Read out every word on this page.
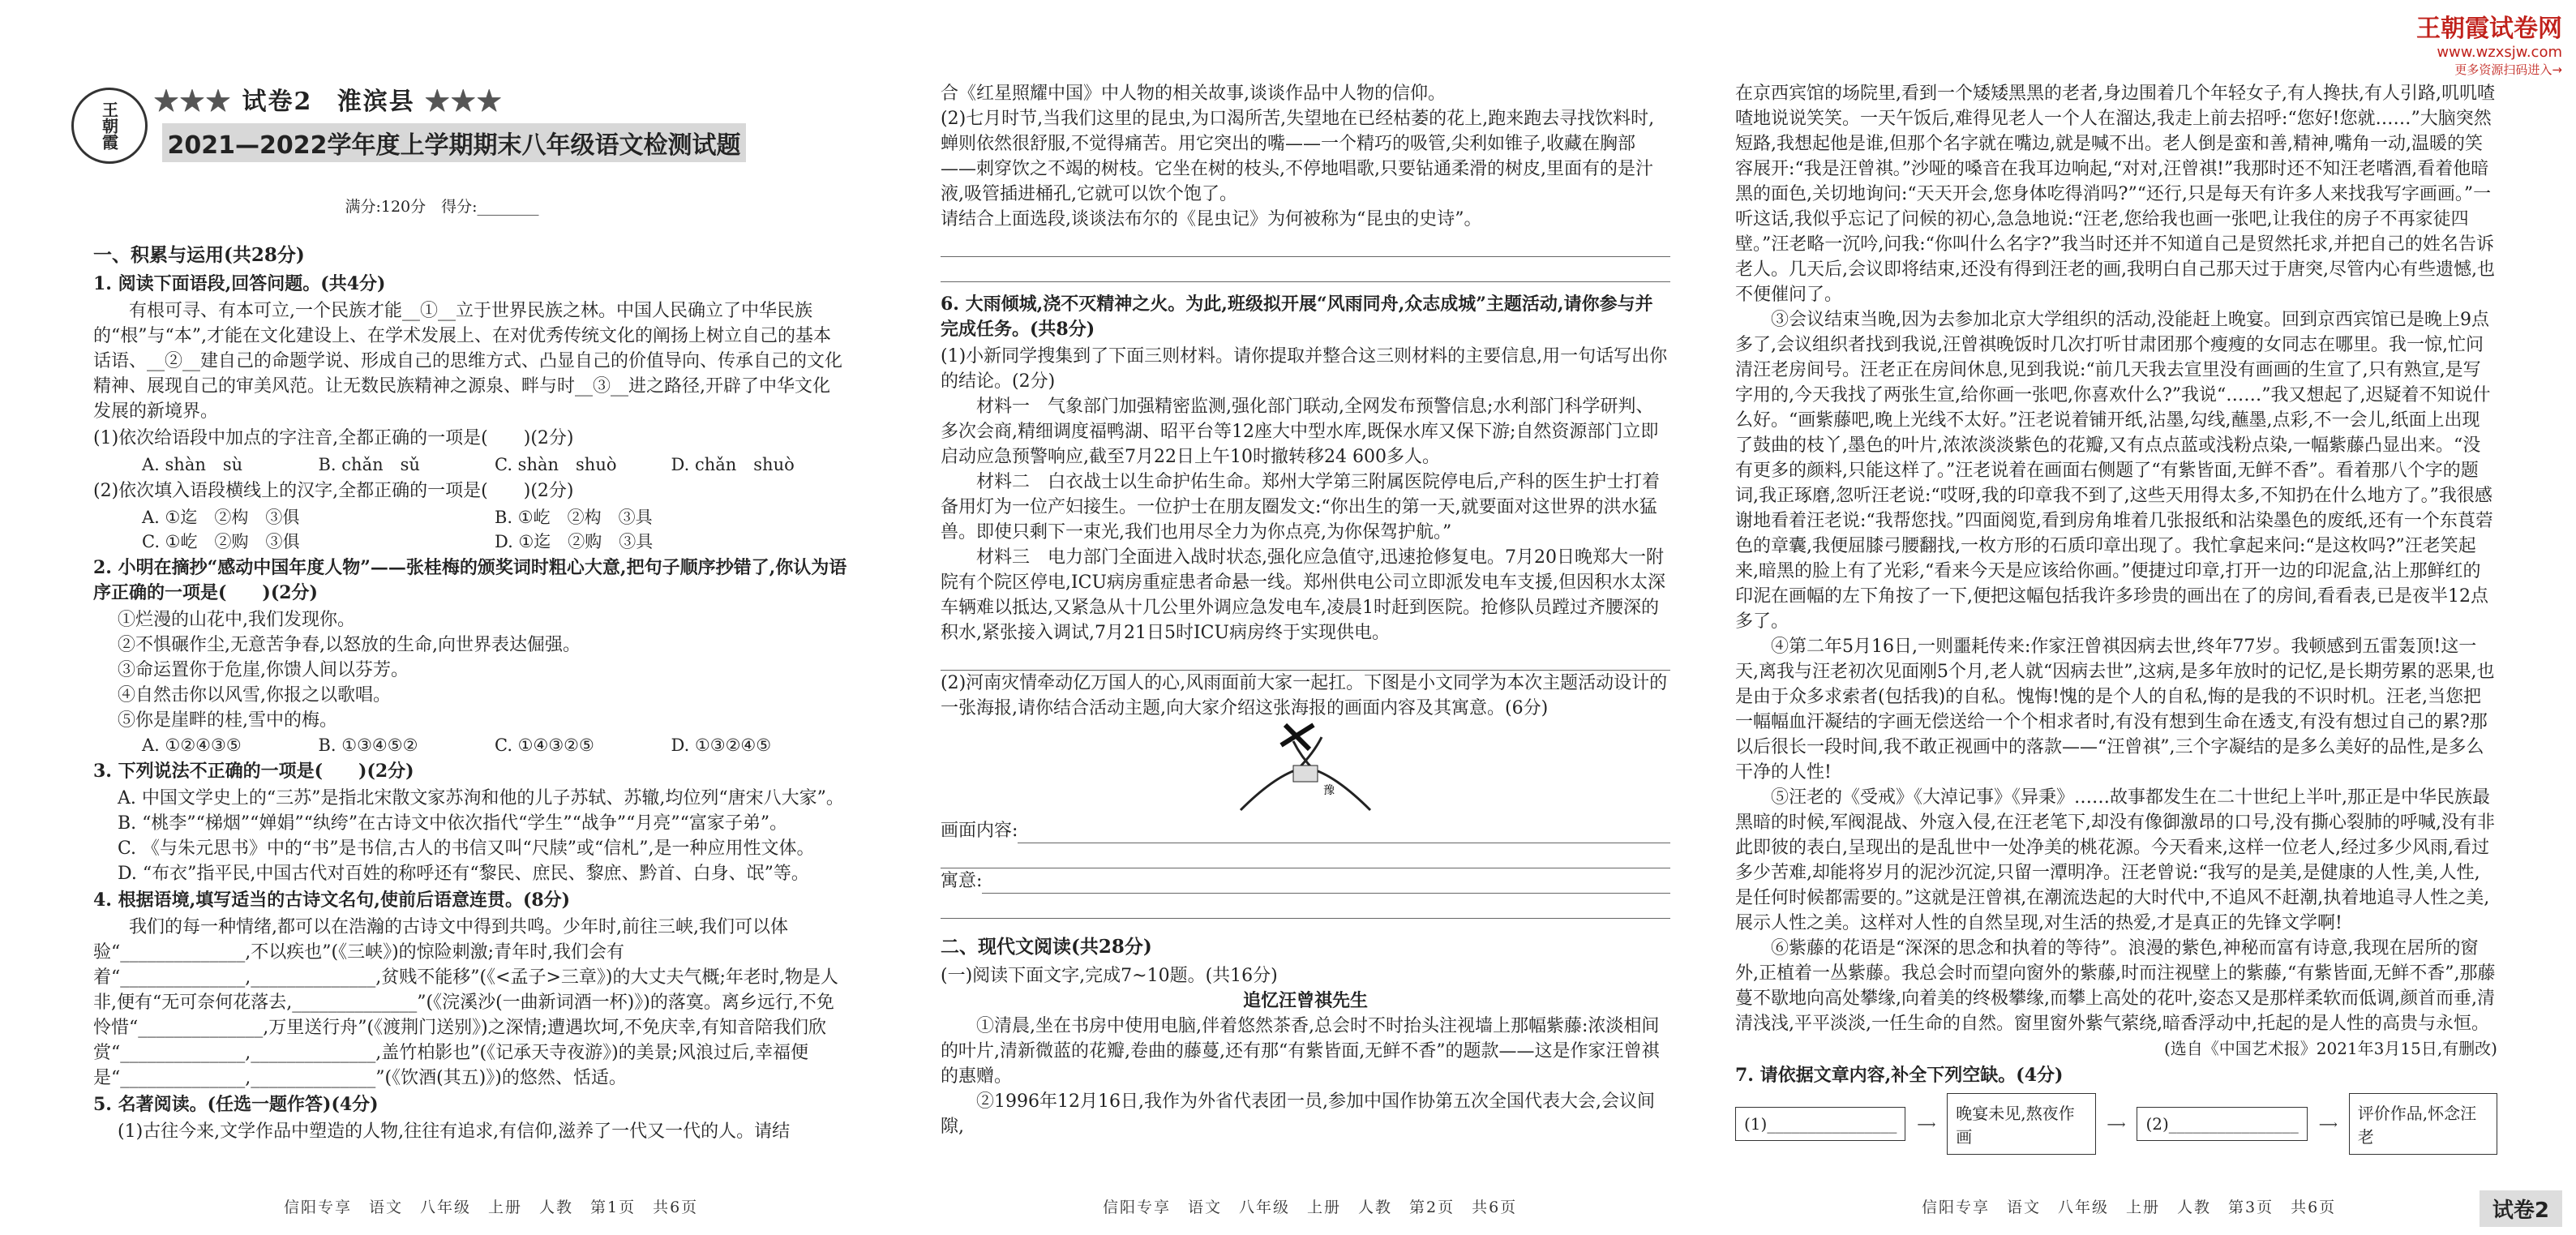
王朝霞 ★★★ 试卷2 淮滨县 ★★★
2021—2022学年度上学期期末八年级语文检测试题
满分:120分　得分:________

一、积累与运用(共28分)

1. 阅读下面语段,回答问题。(共4分)

有根可寻、有本可立,一个民族才能__①__立于世界民族之林。中国人民确立了中华民族的“根”与“本”,才能在文化建设上、在学术发展上、在对优秀传统文化的阐扬上树立自己的基本话语、__②__建自己的命题学说、形成自己的思维方式、凸显自己的价值导向、传承自己的文化精神、展现自己的审美风范。让无数民族精神之源泉、畔与时__③__进之路径,开辟了中华文化发展的新境界。

(1)依次给语段中加点的字注音,全都正确的一项是(　　)(2分)

A. shàn　sù	B. chǎn　sǔ	C. shàn　shuò	D. chǎn　shuò

(2)依次填入语段横线上的汉字,全都正确的一项是(　　)(2分)

A. ①迄　②构　③俱	B. ①屹　②构　③具
C. ①屹　②购　③俱	D. ①迄　②购　③具

2. 小明在摘抄“感动中国年度人物”——张桂梅的颁奖词时粗心大意,把句子顺序抄错了,你认为语序正确的一项是(　　)(2分)

①烂漫的山花中,我们发现你。

②不惧碾作尘,无意苦争春,以怒放的生命,向世界表达倔强。

③命运置你于危崖,你馈人间以芬芳。

④自然击你以风雪,你报之以歌唱。

⑤你是崖畔的桂,雪中的梅。

A. ①②④③⑤	B. ①③④⑤②	C. ①④③②⑤	D. ①③②④⑤

3. 下列说法不正确的一项是(　　)(2分)

A. 中国文学史上的“三苏”是指北宋散文家苏洵和他的儿子苏轼、苏辙,均位列“唐宋八大家”。

B. “桃李”“梯烟”“婵娟”“纨绔”在古诗文中依次指代“学生”“战争”“月亮”“富家子弟”。

C. 《与朱元思书》中的“书”是书信,古人的书信又叫“尺牍”或“信札”,是一种应用性文体。

D. “布衣”指平民,中国古代对百姓的称呼还有“黎民、庶民、黎庶、黔首、白身、氓”等。

4. 根据语境,填写适当的古诗文名句,使前后语意连贯。(8分)

我们的每一种情绪,都可以在浩瀚的古诗文中得到共鸣。少年时,前往三峡,我们可以体验“______________,不以疾也”(《三峡》)的惊险刺激;青年时,我们会有着“______________,______________,贫贱不能移”(《<孟子>三章》)的大丈夫气概;年老时,物是人非,便有“无可奈何花落去,______________”(《浣溪沙(一曲新词酒一杯)》)的落寞。离乡远行,不免怜惜“______________,万里送行舟”(《渡荆门送别》)之深情;遭遇坎坷,不免庆幸,有知音陪我们欣赏“______________,______________,盖竹柏影也”(《记承天寺夜游》)的美景;风浪过后,幸福便是“______________,______________”(《饮酒(其五)》)的悠然、恬适。

5. 名著阅读。(任选一题作答)(4分)

(1)古往今来,文学作品中塑造的人物,往往有追求,有信仰,滋养了一代又一代的人。请结

信阳专享　语文　八年级　上册　人教　第1页　共6页

合《红星照耀中国》中人物的相关故事,谈谈作品中人物的信仰。

(2)七月时节,当我们这里的昆虫,为口渴所苦,失望地在已经枯萎的花上,跑来跑去寻找饮料时,蝉则依然很舒服,不觉得痛苦。用它突出的嘴——一个精巧的吸管,尖利如锥子,收藏在胸部——刺穿饮之不竭的树枝。它坐在树的枝头,不停地唱歌,只要钻通柔滑的树皮,里面有的是汁液,吸管插进桶孔,它就可以饮个饱了。

请结合上面选段,谈谈法布尔的《昆虫记》为何被称为“昆虫的史诗”。

6. 大雨倾城,浇不灭精神之火。为此,班级拟开展“风雨同舟,众志成城”主题活动,请你参与并完成任务。(共8分)

(1)小新同学搜集到了下面三则材料。请你提取并整合这三则材料的主要信息,用一句话写出你的结论。(2分)

材料一　气象部门加强精密监测,强化部门联动,全网发布预警信息;水利部门科学研判、多次会商,精细调度福鸭湖、昭平台等12座大中型水库,既保水库又保下游;自然资源部门立即启动应急预警响应,截至7月22日上午10时撤转移24 600多人。

材料二　白衣战士以生命护佑生命。郑州大学第三附属医院停电后,产科的医生护士打着备用灯为一位产妇接生。一位护士在朋友圈发文:“你出生的第一天,就要面对这世界的洪水猛兽。即使只剩下一束光,我们也用尽全力为你点亮,为你保驾护航。”

材料三　电力部门全面进入战时状态,强化应急值守,迅速抢修复电。7月20日晚郑大一附院有个院区停电,ICU病房重症患者命悬一线。郑州供电公司立即派发电车支援,但因积水太深车辆难以抵达,又紧急从十几公里外调应急发电车,凌晨1时赶到医院。抢修队员蹚过齐腰深的积水,紧张接入调试,7月21日5时ICU病房终于实现供电。

(2)河南灾情牵动亿万国人的心,风雨面前大家一起扛。下图是小文同学为本次主题活动设计的一张海报,请你结合活动主题,向大家介绍这张海报的画面内容及其寓意。(6分)

豫
画面内容:
寓意:

二、现代文阅读(共28分)

(一)阅读下面文字,完成7~10题。(共16分)

追忆汪曾祺先生

①清晨,坐在书房中使用电脑,伴着悠然茶香,总会时不时抬头注视墙上那幅紫藤:浓淡相间的叶片,清新微蓝的花瓣,卷曲的藤蔓,还有那“有紫皆面,无鲜不香”的题款——这是作家汪曾祺的惠赠。

②1996年12月16日,我作为外省代表团一员,参加中国作协第五次全国代表大会,会议间隙,

信阳专享　语文　八年级　上册　人教　第2页　共6页
王朝霞试卷网
www.wzxsjw.com
更多资源扫码进入→

在京西宾馆的场院里,看到一个矮矮黑黑的老者,身边围着几个年轻女子,有人搀扶,有人引路,叽叽喳喳地说说笑笑。一天午饭后,难得见老人一个人在溜达,我走上前去招呼:“您好!您就……”大脑突然短路,我想起他是谁,但那个名字就在嘴边,就是喊不出。老人倒是蛮和善,精神,嘴角一动,温暖的笑容展开:“我是汪曾祺。”沙哑的嗓音在我耳边响起,“对对,汪曾祺!”我那时还不知汪老嗜酒,看着他暗黑的面色,关切地询问:“天天开会,您身体吃得消吗?”“还行,只是每天有许多人来找我写字画画。”一听这话,我似乎忘记了问候的初心,急急地说:“汪老,您给我也画一张吧,让我住的房子不再家徒四壁。”汪老略一沉吟,问我:“你叫什么名字?”我当时还并不知道自己是贸然托求,并把自己的姓名告诉老人。几天后,会议即将结束,还没有得到汪老的画,我明白自己那天过于唐突,尽管内心有些遗憾,也不便催问了。

③会议结束当晚,因为去参加北京大学组织的活动,没能赶上晚宴。回到京西宾馆已是晚上9点多了,会议组织者找到我说,汪曾祺晚饭时几次打听甘肃团那个瘦瘦的女同志在哪里。我一惊,忙问清汪老房间号。汪老正在房间休息,见到我说:“前几天我去宣里没有画画的生宣了,只有熟宣,是写字用的,今天我找了两张生宣,给你画一张吧,你喜欢什么?”我说“……”我又想起了,迟疑着不知说什么好。“画紫藤吧,晚上光线不太好。”汪老说着铺开纸,沾墨,勾线,蘸墨,点彩,不一会儿,纸面上出现了鼓曲的枝丫,墨色的叶片,浓浓淡淡紫色的花瓣,又有点点蓝或浅粉点染,一幅紫藤凸显出来。“没有更多的颜料,只能这样了。”汪老说着在画面右侧题了“有紫皆面,无鲜不香”。看着那八个字的题词,我正琢磨,忽听汪老说:“哎呀,我的印章我不到了,这些天用得太多,不知扔在什么地方了。”我很感谢地看着汪老说:“我帮您找。”四面阅览,看到房角堆着几张报纸和沾染墨色的废纸,还有一个东莨菪色的章囊,我便屈膝弓腰翻找,一枚方形的石质印章出现了。我忙拿起来问:“是这枚吗?”汪老笑起来,暗黑的脸上有了光彩,“看来今天是应该给你画。”便捷过印章,打开一边的印泥盒,沾上那鲜红的印泥在画幅的左下角按了一下,便把这幅包括我许多珍贵的画出在了的房间,看看表,已是夜半12点多了。

④第二年5月16日,一则噩耗传来:作家汪曾祺因病去世,终年77岁。我顿感到五雷轰顶!这一天,离我与汪老初次见面刚5个月,老人就“因病去世”,这病,是多年放时的记忆,是长期劳累的恶果,也是由于众多求索者(包括我)的自私。愧悔!愧的是个人的自私,悔的是我的不识时机。汪老,当您把一幅幅血汗凝结的字画无偿送给一个个相求者时,有没有想到生命在透支,有没有想过自己的累?那以后很长一段时间,我不敢正视画中的落款——“汪曾祺”,三个字凝结的是多么美好的品性,是多么干净的人性!

⑤汪老的《受戒》《大淖记事》《异秉》……故事都发生在二十世纪上半叶,那正是中华民族最黑暗的时候,军阀混战、外寇入侵,在汪老笔下,却没有像御激昂的口号,没有撕心裂肺的呼喊,没有非此即彼的表白,呈现出的是乱世中一处净美的桃花源。今天看来,这样一位老人,经过多少风雨,看过多少苦难,却能将岁月的泥沙沉淀,只留一潭明净。汪老曾说:“我写的是美,是健康的人性,美,人性,是任何时候都需要的。”这就是汪曾祺,在潮流迭起的大时代中,不追风不赶潮,执着地追寻人性之美,展示人性之美。这样对人性的自然呈现,对生活的热爱,才是真正的先锋文学啊!

⑥紫藤的花语是“深深的思念和执着的等待”。浪漫的紫色,神秘而富有诗意,我现在居所的窗外,正植着一丛紫藤。我总会时而望向窗外的紫藤,时而注视壁上的紫藤,“有紫皆面,无鲜不香”,那藤蔓不歇地向高处攀缘,向着美的终极攀缘,而攀上高处的花叶,姿态又是那样柔软而低调,颜首而垂,清清浅浅,平平淡淡,一任生命的自然。窗里窗外紫气萦绕,暗香浮动中,托起的是人性的高贵与永恒。

(选自《中国艺术报》2021年3月15日,有删改)

7. 请依据文章内容,补全下列空缺。(4分)

(1)________________	⟶
晚宴未见,熬夜作画
⟶	(2)________________	⟶
评价作品,怀念汪老
信阳专享　语文　八年级　上册　人教　第3页　共6页	试卷2
